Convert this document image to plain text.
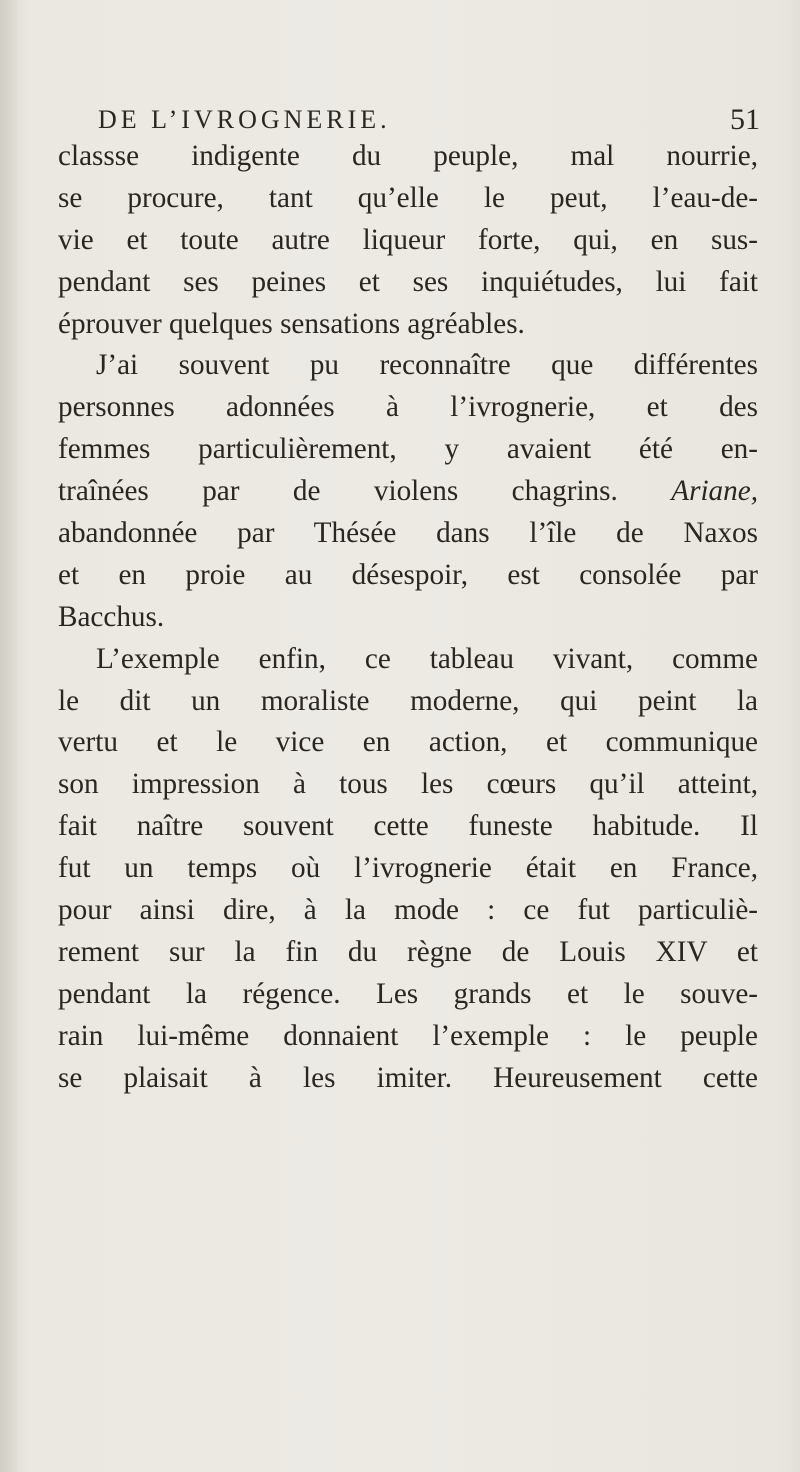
DE L’IVROGNERIE.	51
classse indigente du peuple, mal nourrie,
se procure, tant qu’elle le peut, l’eau-de-
vie et toute autre liqueur forte, qui, en sus-
pendant ses peines et ses inquiétudes, lui fait
éprouver quelques sensations agréables.
J’ai souvent pu reconnaître que différentes
personnes adonnées à l’ivrognerie, et des
femmes particulièrement, y avaient été en-
traînées par de violens chagrins. Ariane,
abandonnée par Thésée dans l’île de Naxos
et en proie au désespoir, est consolée par
Bacchus.
L’exemple enfin, ce tableau vivant, comme
le dit un moraliste moderne, qui peint la
vertu et le vice en action, et communique
son impression à tous les cœurs qu’il atteint,
fait naître souvent cette funeste habitude. Il
fut un temps où l’ivrognerie était en France,
pour ainsi dire, à la mode : ce fut particuliè-
rement sur la fin du règne de Louis XIV et
pendant la régence. Les grands et le souve-
rain lui-même donnaient l’exemple : le peuple
se plaisait à les imiter. Heureusement cette
